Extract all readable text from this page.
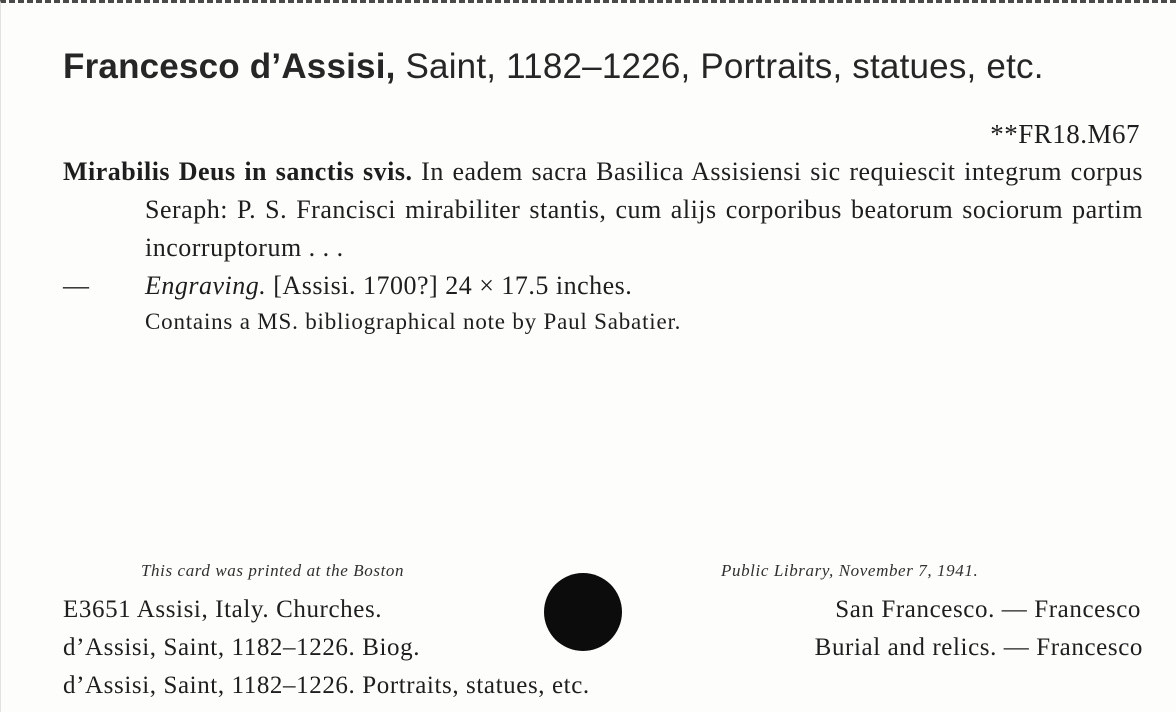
Francesco d’Assisi, Saint, 1182–1226, Portraits, statues, etc.
**FR18.M67

Mirabilis Deus in sanctis svis. In eadem sacra Basilica Assisiensi sic requiescit integrum corpus Seraph: P. S. Francisci mirabiliter stantis, cum alijs corporibus beatorum sociorum partim incorruptorum . . .

— Engraving. [Assisi. 1700?] 24 × 17.5 inches.

Contains a MS. bibliographical note by Paul Sabatier.

This card was printed at the Boston	Public Library, November 7, 1941.
E3651 Assisi, Italy. Churches.	San Francesco. — Francesco
d’Assisi, Saint, 1182–1226. Biog.	Burial and relics. — Francesco
d’Assisi, Saint, 1182–1226. Portraits, statues, etc.
